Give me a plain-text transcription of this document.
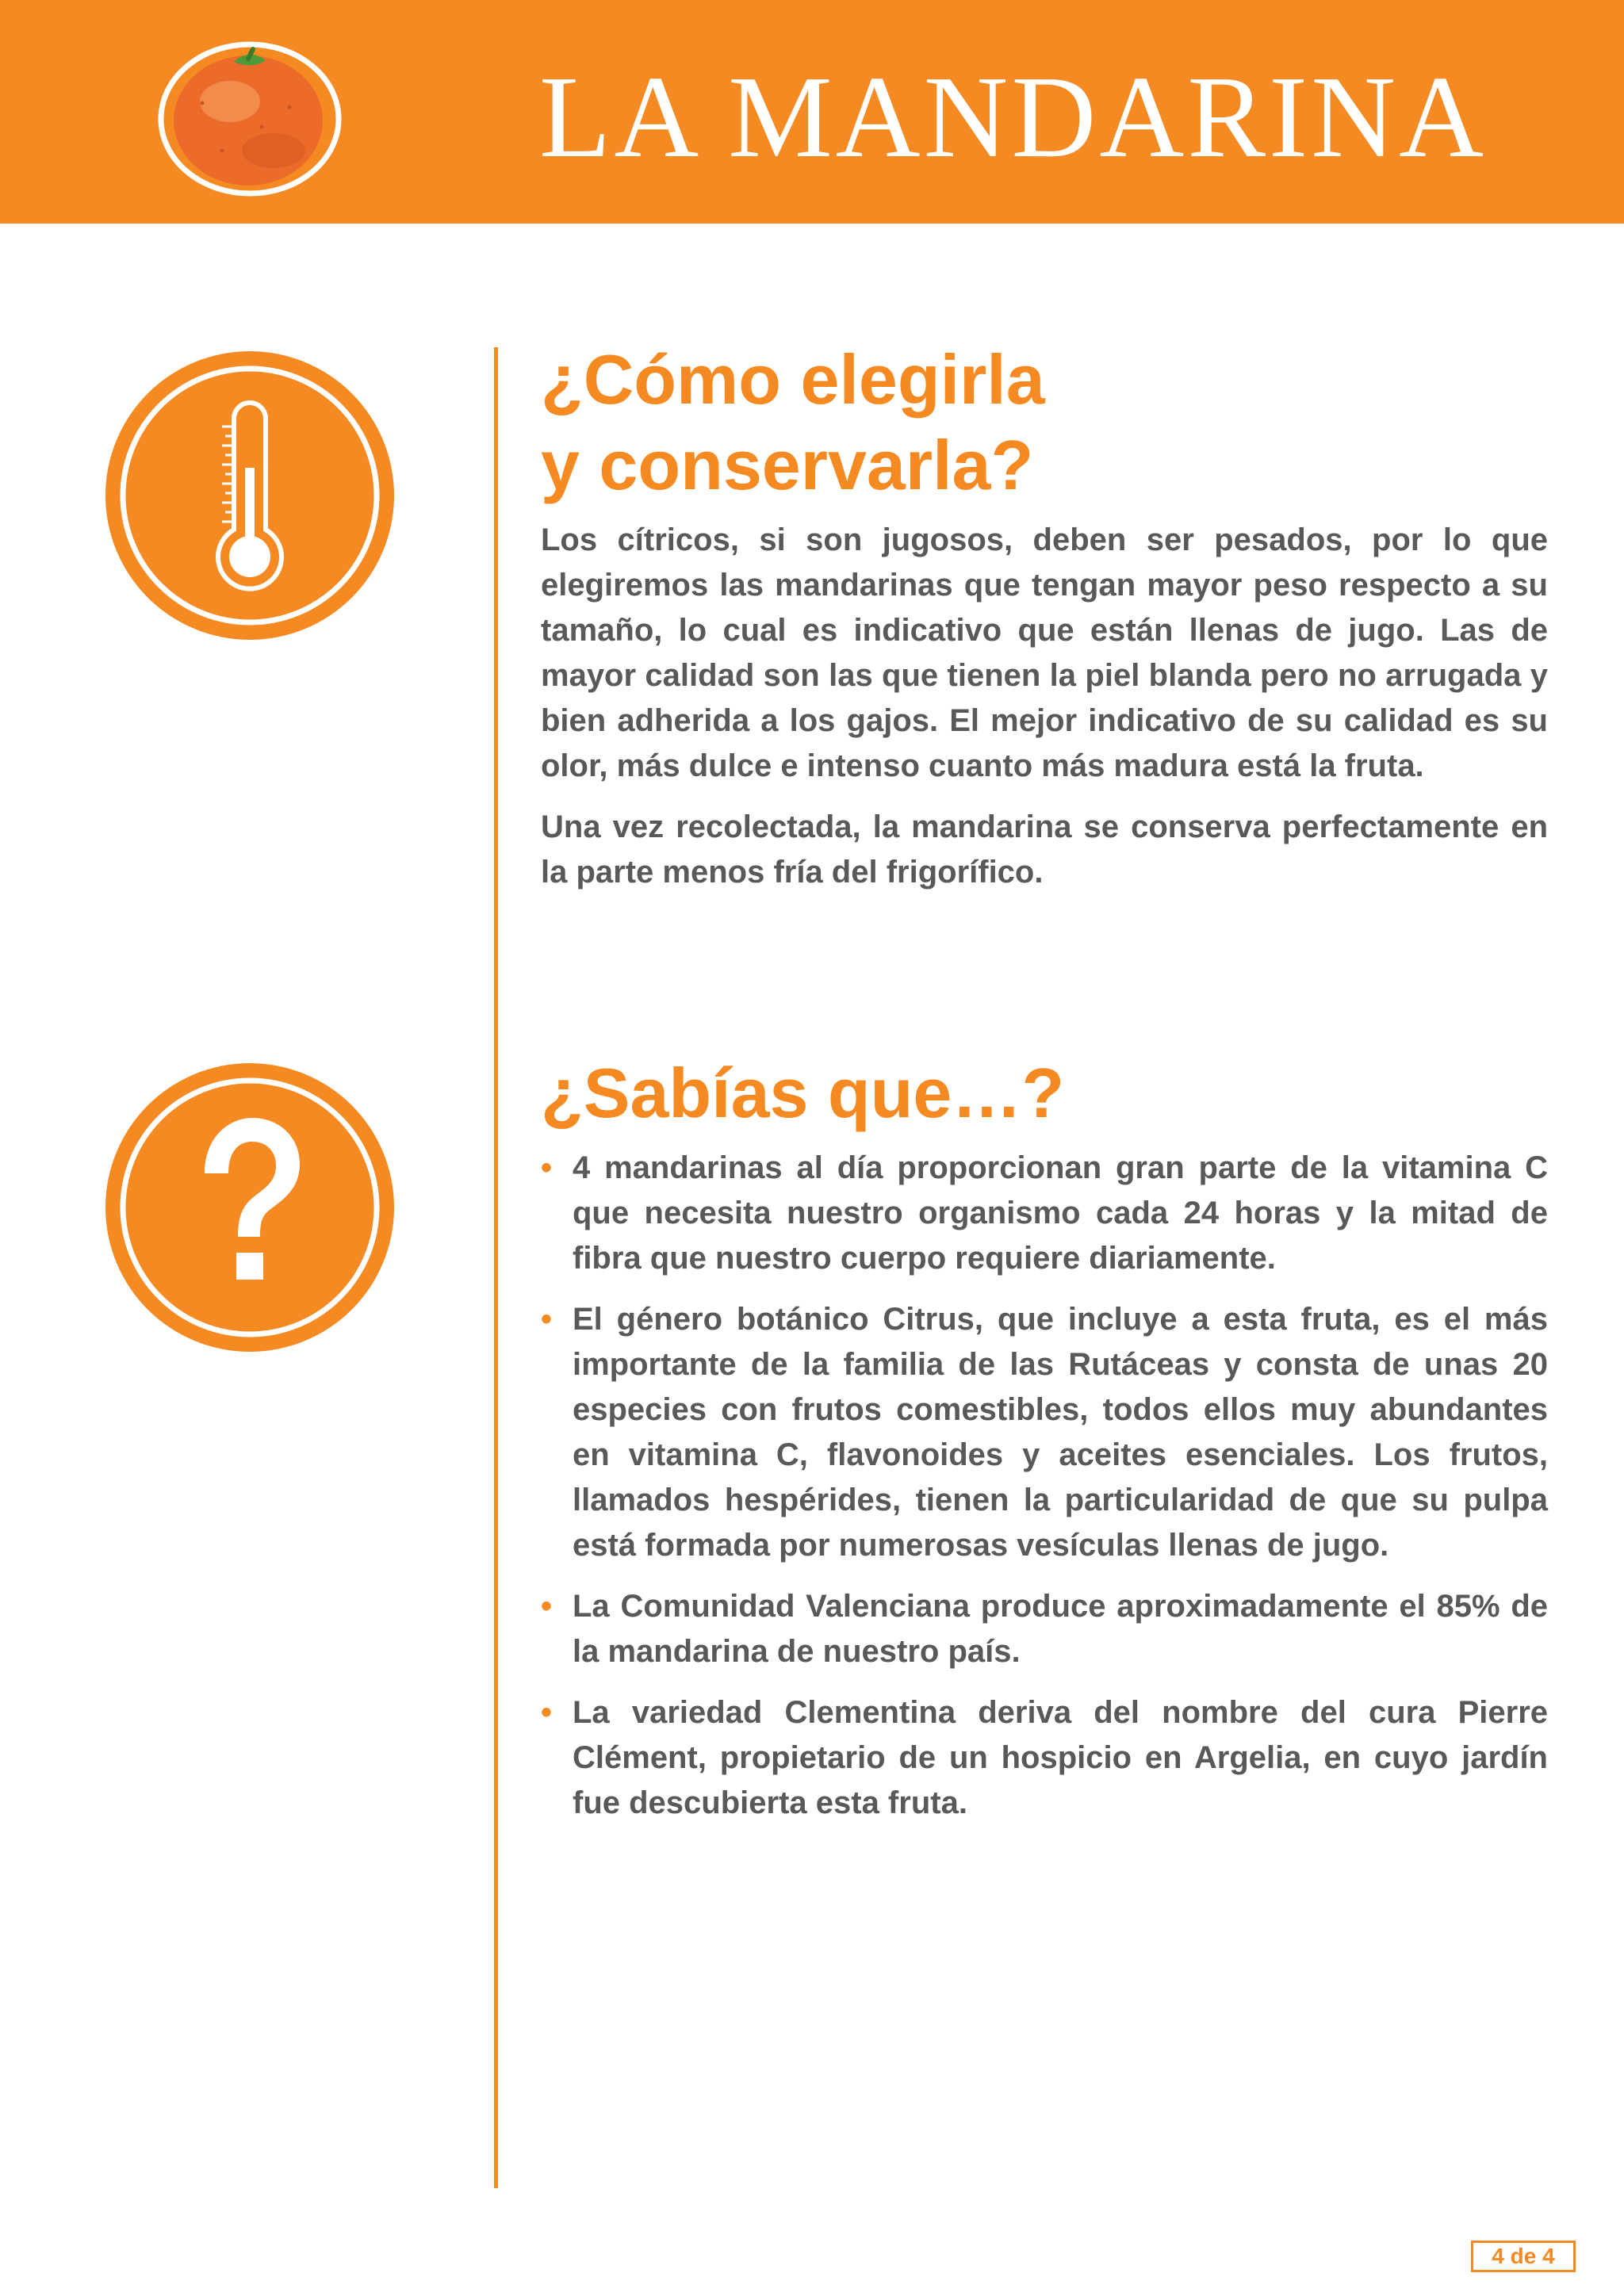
LA MANDARINA
¿Cómo elegirla
y conservarla?

Los cítricos, si son jugosos, deben ser pesados, por lo que elegiremos las mandarinas que tengan mayor peso respecto a su tamaño, lo cual es indicativo que están llenas de jugo. Las de mayor calidad son las que tienen la piel blanda pero no arrugada y bien adherida a los gajos. El mejor indicativo de su calidad es su olor, más dulce e intenso cuanto más madura está la fruta.

Una vez recolectada, la mandarina se conserva perfectamente en la parte menos fría del frigorífico.

¿Sabías que…?
• 4 mandarinas al día proporcionan gran parte de la vitamina C que necesita nuestro organismo cada 24 horas y la mitad de fibra que nuestro cuerpo requiere diariamente.
• El género botánico Citrus, que incluye a esta fruta, es el más importante de la familia de las Rutáceas y consta de unas 20 especies con frutos comestibles, todos ellos muy abundantes en vitamina C, flavonoides y aceites esenciales. Los frutos, llamados hespérides, tienen la particularidad de que su pulpa está formada por numerosas vesículas llenas de jugo.
• La Comunidad Valenciana produce aproximadamente el 85% de la mandarina de nuestro país.
• La variedad Clementina deriva del nombre del cura Pierre Clément, propietario de un hospicio en Argelia, en cuyo jardín fue descubierta esta fruta.
4 de 4
